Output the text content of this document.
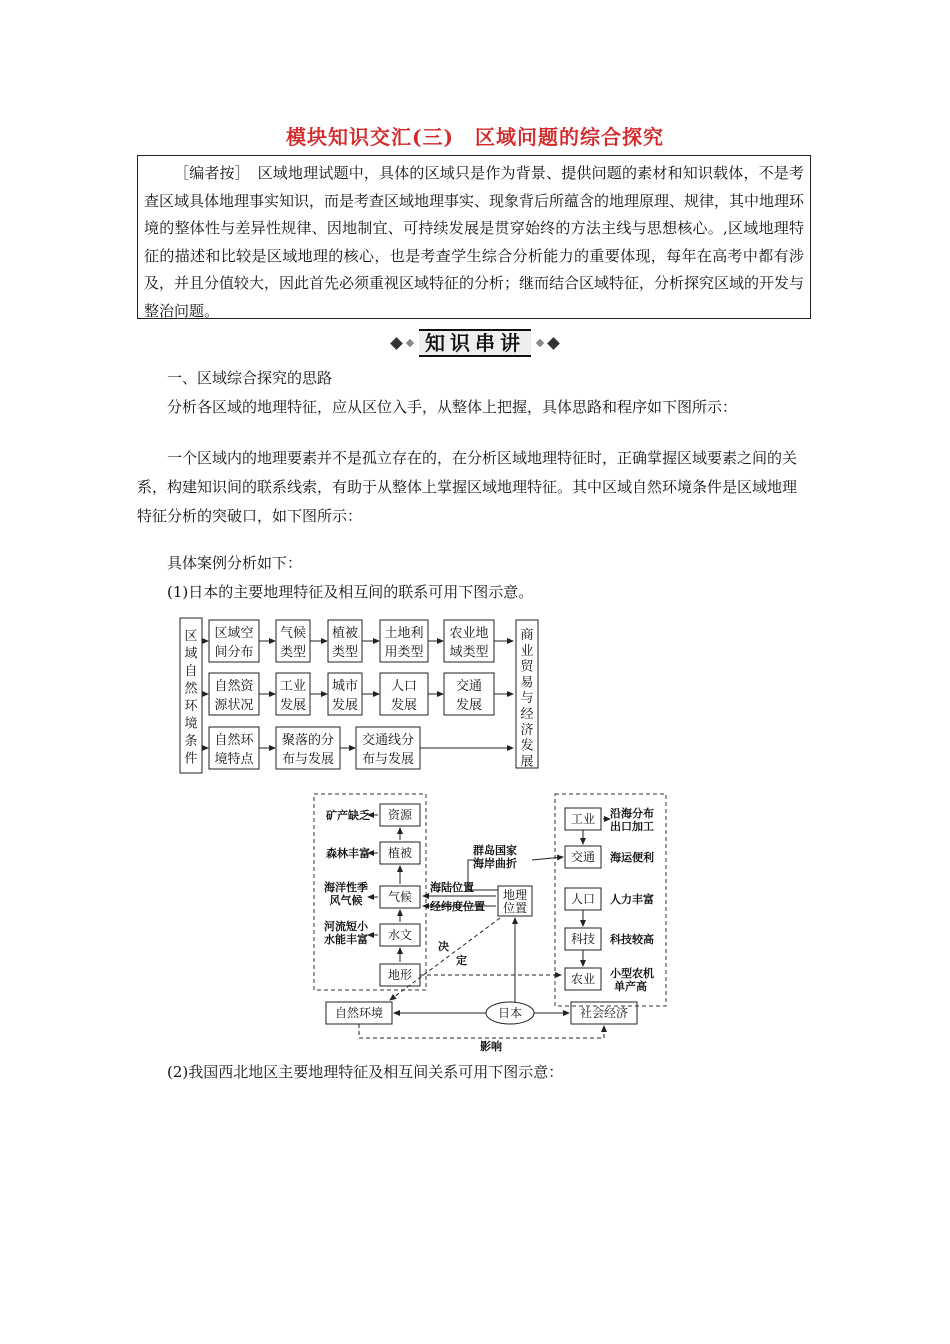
模块知识交汇(三)　区域问题的综合探究
［编者按］　区域地理试题中，具体的区域只是作为背景、提供问题的素材和知识载体，不是考查区域具体地理事实知识，而是考查区域地理事实、现象背后所蕴含的地理原理、规律，其中地理环境的整体性与差异性规律、因地制宜、可持续发展是贯穿始终的方法主线与思想核心。,区域地理特征的描述和比较是区域地理的核心，也是考查学生综合分析能力的重要体现，每年在高考中都有涉及，并且分值较大，因此首先必须重视区域特征的分析；继而结合区域特征，分析探究区域的开发与整治问题。
知识串讲
一、区域综合探究的思路
分析各区域的地理特征，应从区位入手，从整体上把握，具体思路和程序如下图所示：
一个区域内的地理要素并不是孤立存在的，在分析区域地理特征时，正确掌握区域要素之间的关系，构建知识间的联系线索，有助于从整体上掌握区域地理特征。其中区域自然环境条件是区域地理特征分析的突破口，如下图所示：
具体案例分析如下：
(1)日本的主要地理特征及相互间的联系可用下图示意。
区
域
自
然
环
境
条
件
商
业
贸
易
与
经
济
发
展
区域空
间分布
气候
类型
植被
类型
土地利
用类型
农业地
域类型
自然资
源状况
工业
发展
城市
发展
人口
发展
交通
发展
自然环
境特点
聚落的分
布与发展
交通线分
布与发展
资源
植被
气候
水文
地形
自然环境	日本
地理
位置
社会经济
工业
交通
人口
科技
农业
矿产缺乏
森林丰富
海洋性季
风气候
河流短小
水能丰富
群岛国家
海岸曲折
海陆位置
经纬度位置
决
定
影响
沿海分布
出口加工
海运便利
人力丰富
科技较高
小型农机
单产高
(2)我国西北地区主要地理特征及相互间关系可用下图示意：
